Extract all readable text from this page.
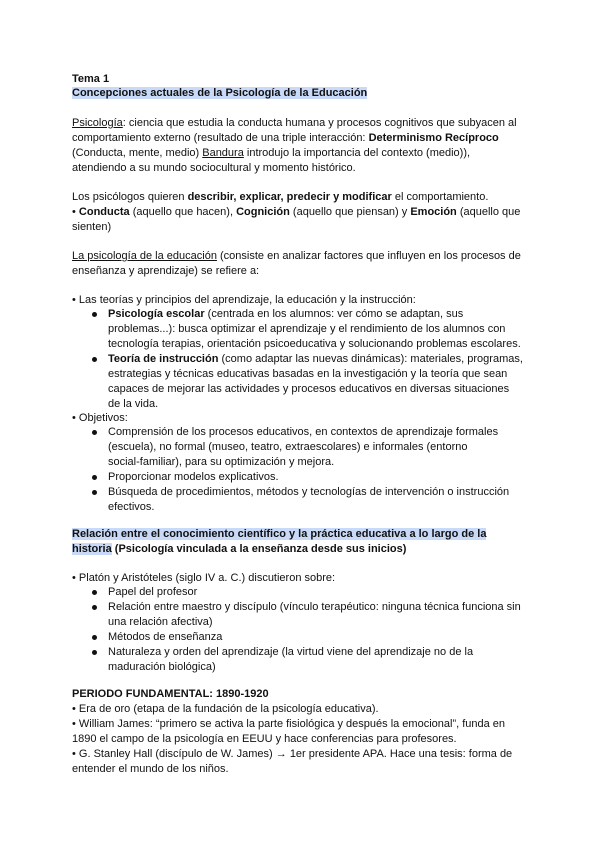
Tema 1
Concepciones actuales de la Psicología de la Educación
Psicología: ciencia que estudia la conducta humana y procesos cognitivos que subyacen al
comportamiento externo (resultado de una triple interacción: Determinismo Recíproco
(Conducta, mente, medio) Bandura introdujo la importancia del contexto (medio)),
atendiendo a su mundo sociocultural y momento histórico.
Los psicólogos quieren describir, explicar, predecir y modificar el comportamiento.
• Conducta (aquello que hacen), Cognición (aquello que piensan) y Emoción (aquello que
sienten)
La psicología de la educación (consiste en analizar factores que influyen en los procesos de
enseñanza y aprendizaje) se refiere a:
• Las teorías y principios del aprendizaje, la educación y la instrucción:
Psicología escolar (centrada en los alumnos: ver cómo se adaptan, sus
problemas...): busca optimizar el aprendizaje y el rendimiento de los alumnos con
tecnología terapias, orientación psicoeducativa y solucionando problemas escolares.
Teoría de instrucción (como adaptar las nuevas dinámicas): materiales, programas,
estrategias y técnicas educativas basadas en la investigación y la teoría que sean
capaces de mejorar las actividades y procesos educativos en diversas situaciones
de la vida.
• Objetivos:
Comprensión de los procesos educativos, en contextos de aprendizaje formales
(escuela), no formal (museo, teatro, extraescolares) e informales (entorno
social-familiar), para su optimización y mejora.
Proporcionar modelos explicativos.
Búsqueda de procedimientos, métodos y tecnologías de intervención o instrucción
efectivos.
Relación entre el conocimiento científico y la práctica educativa a lo largo de la
historia (Psicología vinculada a la enseñanza desde sus inicios)
• Platón y Aristóteles (siglo IV a. C.) discutieron sobre:
Papel del profesor
Relación entre maestro y discípulo (vínculo terapéutico: ninguna técnica funciona sin
una relación afectiva)
Métodos de enseñanza
Naturaleza y orden del aprendizaje (la virtud viene del aprendizaje no de la
maduración biológica)
PERIODO FUNDAMENTAL: 1890-1920
• Era de oro (etapa de la fundación de la psicología educativa).
• William James: “primero se activa la parte fisiológica y después la emocional”, funda en
1890 el campo de la psicología en EEUU y hace conferencias para profesores.
• G. Stanley Hall (discípulo de W. James) → 1er presidente APA. Hace una tesis: forma de
entender el mundo de los niños.
